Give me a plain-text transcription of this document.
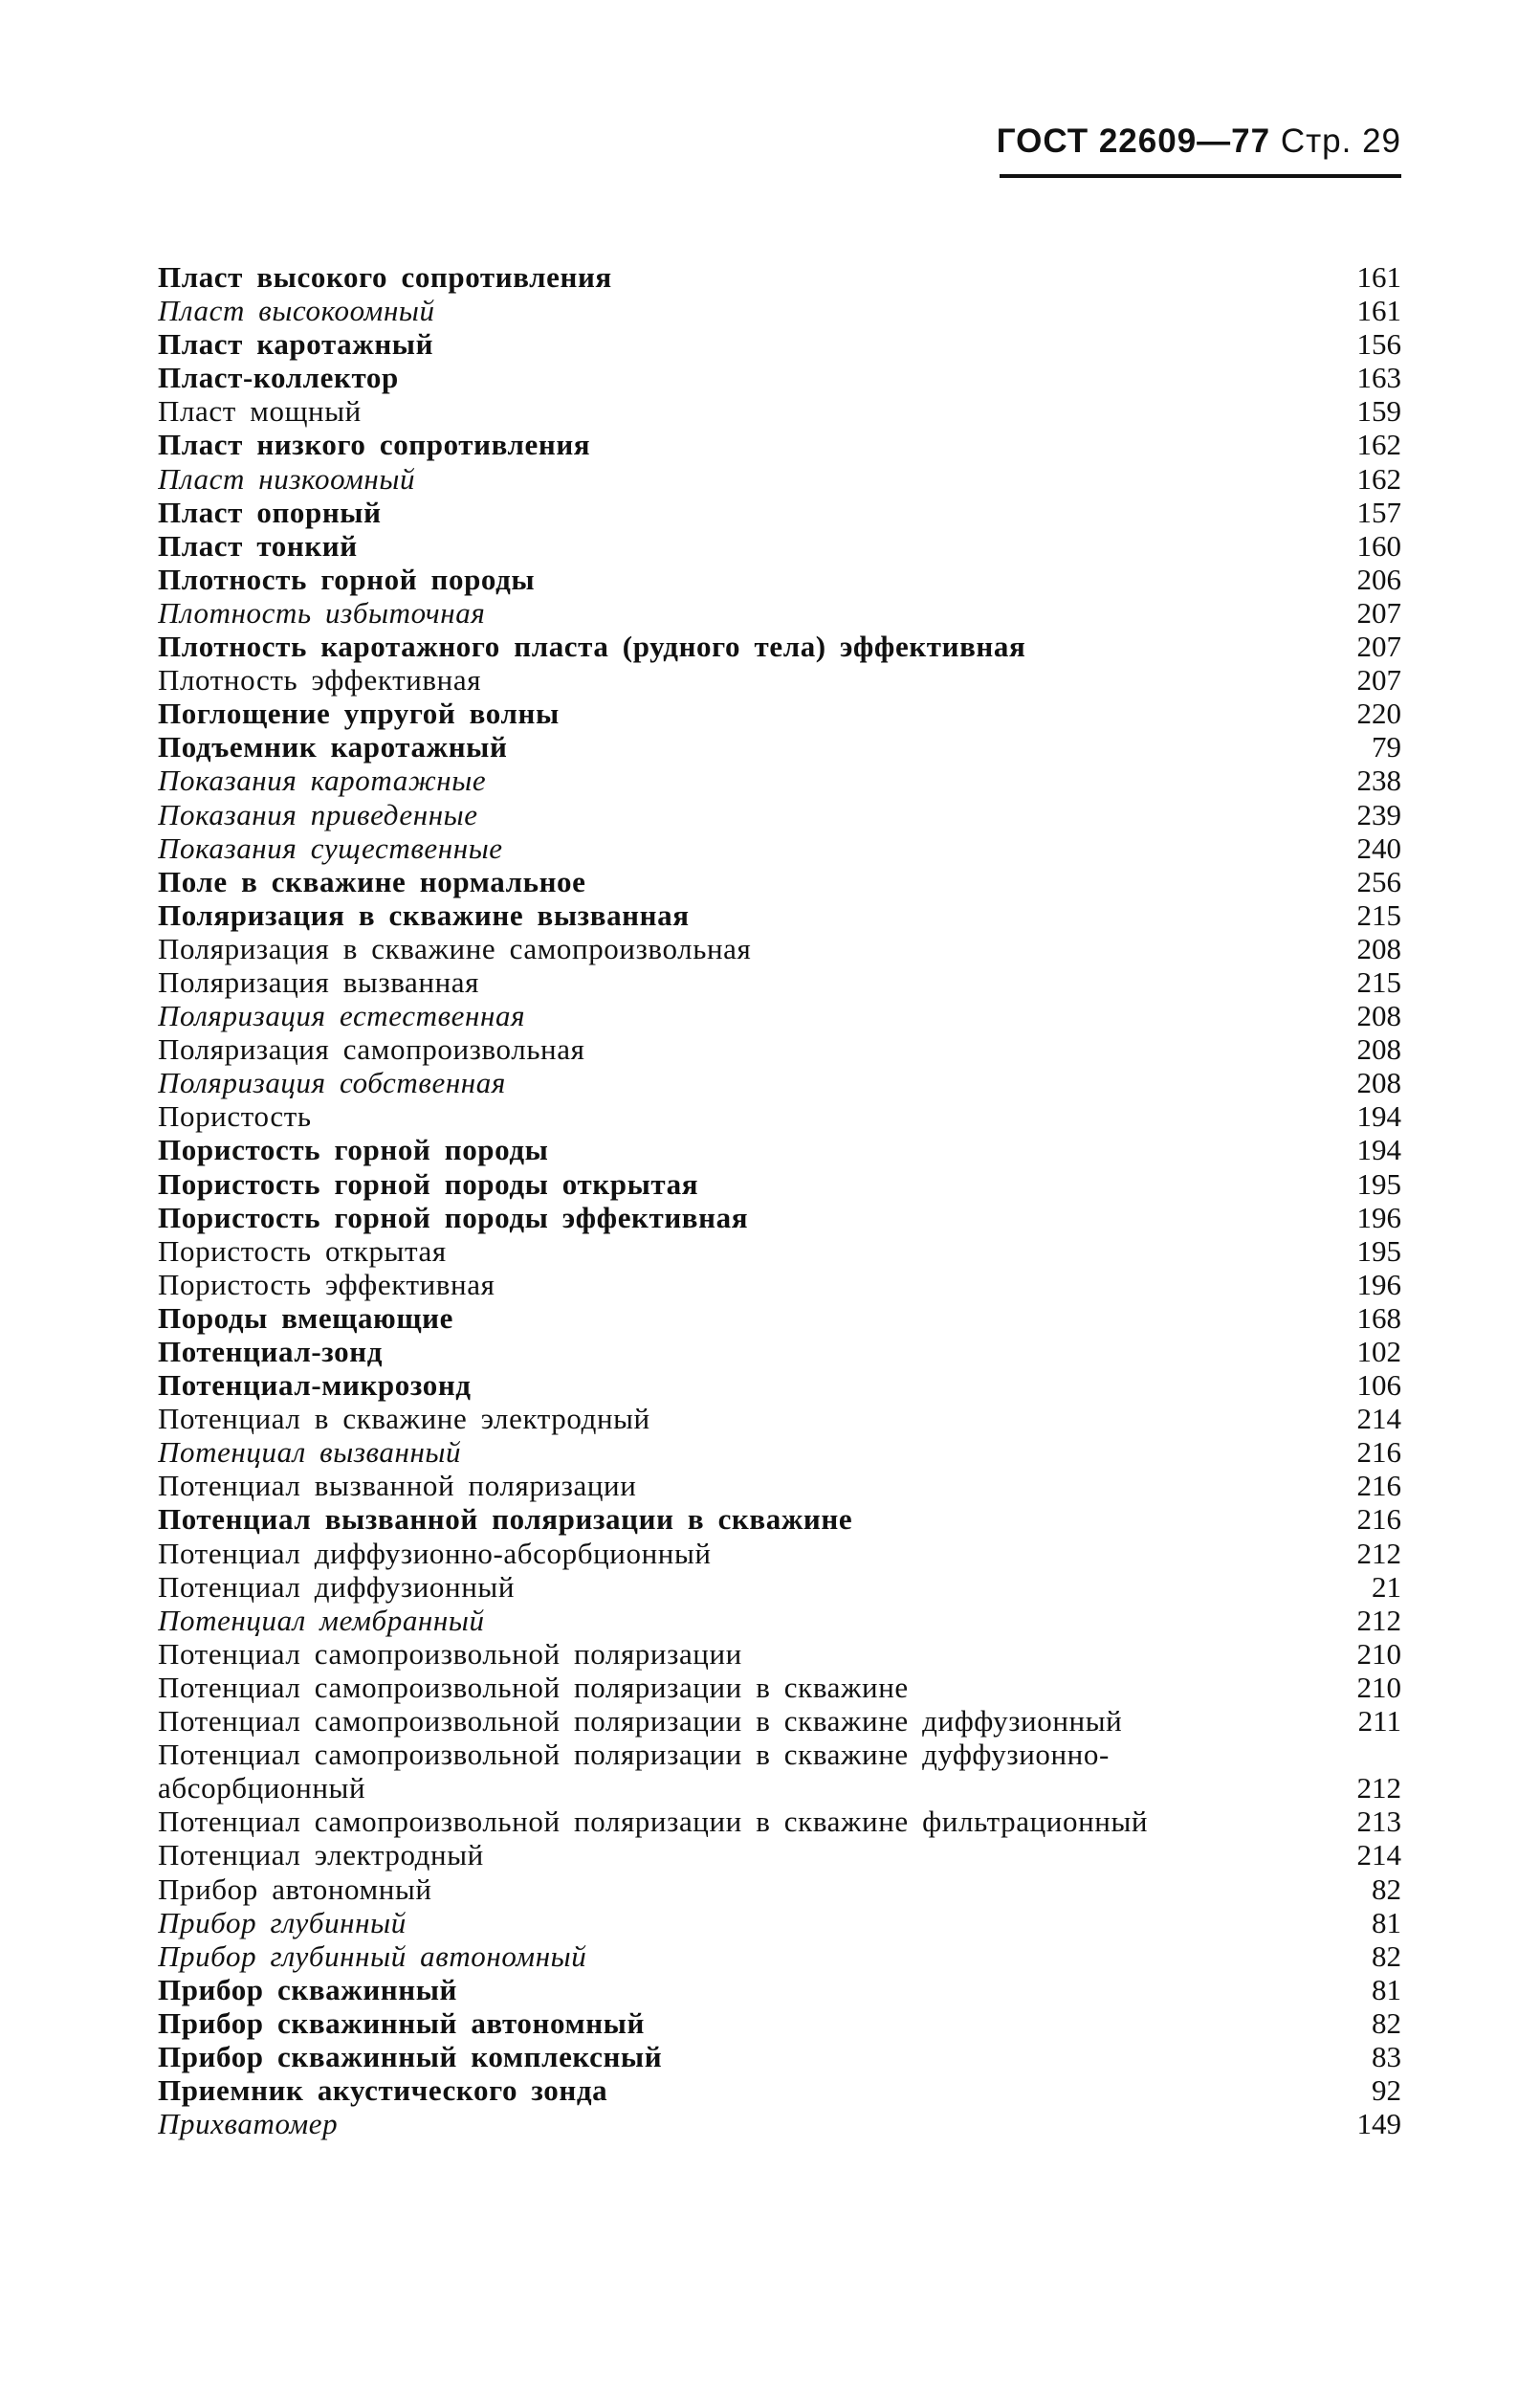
ГОСТ 22609—77 Стр. 29
Пласт высокого сопротивления	161
Пласт высокоомный	161
Пласт каротажный	156
Пласт-коллектор	163
Пласт мощный	159
Пласт низкого сопротивления	162
Пласт низкоомный	162
Пласт опорный	157
Пласт тонкий	160
Плотность горной породы	206
Плотность избыточная	207
Плотность каротажного пласта (рудного тела) эффективная	207
Плотность эффективная	207
Поглощение упругой волны	220
Подъемник каротажный	79
Показания каротажные	238
Показания приведенные	239
Показания существенные	240
Поле в скважине нормальное	256
Поляризация в скважине вызванная	215
Поляризация в скважине самопроизвольная	208
Поляризация вызванная	215
Поляризация естественная	208
Поляризация самопроизвольная	208
Поляризация собственная	208
Пористость	194
Пористость горной породы	194
Пористость горной породы открытая	195
Пористость горной породы эффективная	196
Пористость открытая	195
Пористость эффективная	196
Породы вмещающие	168
Потенциал-зонд	102
Потенциал-микрозонд	106
Потенциал в скважине электродный	214
Потенциал вызванный	216
Потенциал вызванной поляризации	216
Потенциал вызванной поляризации в скважине	216
Потенциал диффузионно-абсорбционный	212
Потенциал диффузионный	21
Потенциал мембранный	212
Потенциал самопроизвольной поляризации	210
Потенциал самопроизвольной поляризации в скважине	210
Потенциал самопроизвольной поляризации в скважине диффузионный	211
Потенциал самопроизвольной поляризации в скважине дуффузионно-
абсорбционный	212
Потенциал самопроизвольной поляризации в скважине фильтрационный	213
Потенциал электродный	214
Прибор автономный	82
Прибор глубинный	81
Прибор глубинный автономный	82
Прибор скважинный	81
Прибор скважинный автономный	82
Прибор скважинный комплексный	83
Приемник акустического зонда	92
Прихватомер	149
